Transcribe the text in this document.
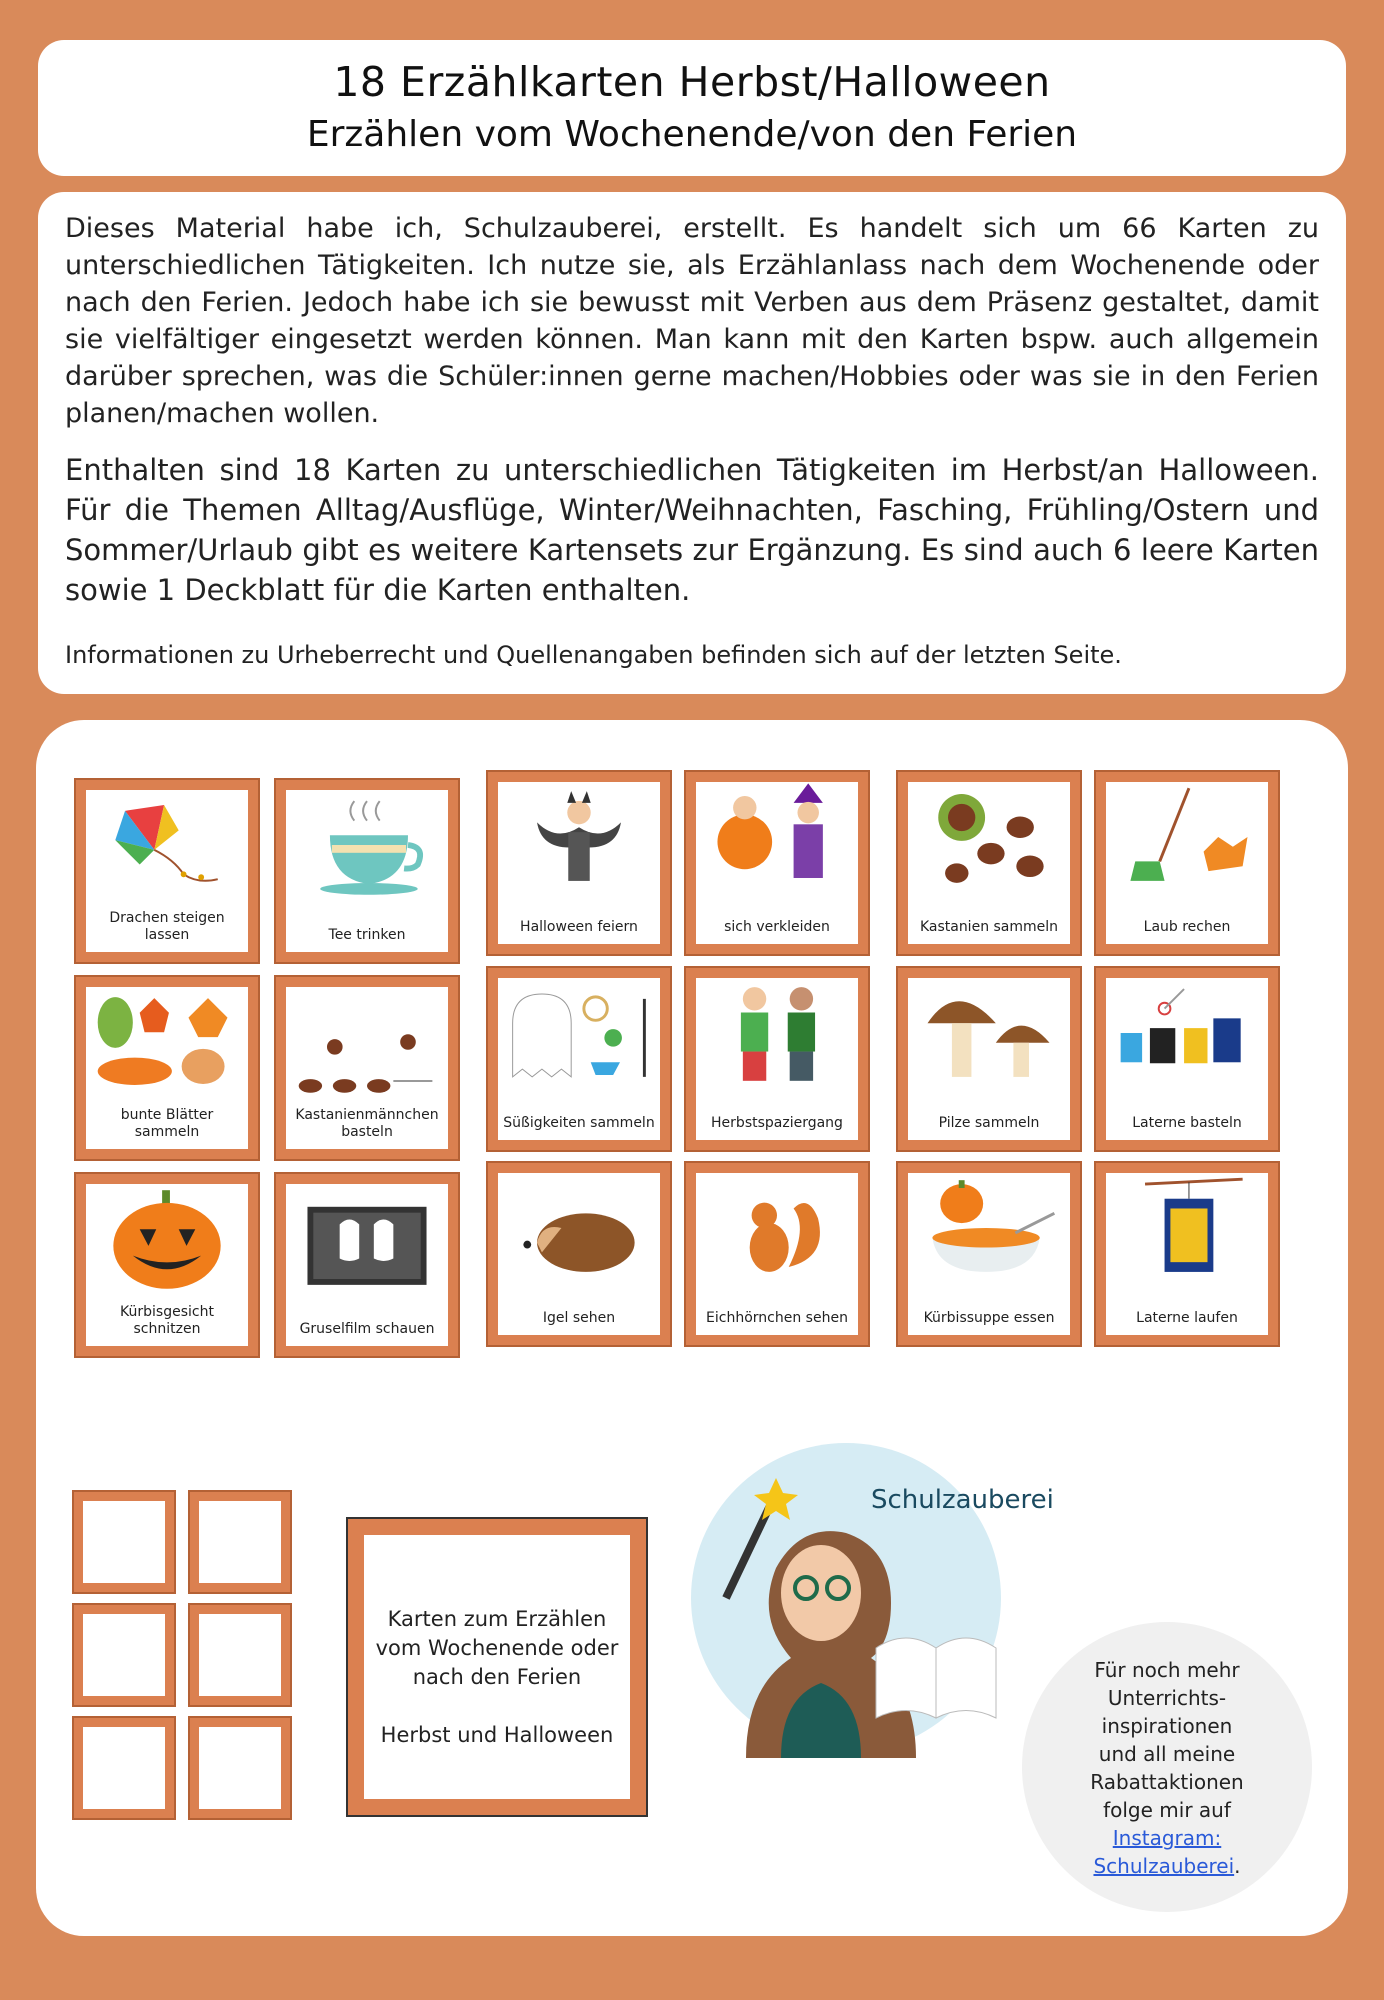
18 Erzählkarten Herbst/Halloween
Erzählen vom Wochenende/von den Ferien

Dieses Material habe ich, Schulzauberei, erstellt. Es handelt sich um 66 Karten zu unterschiedlichen Tätigkeiten. Ich nutze sie, als Erzählanlass nach dem Wochenende oder nach den Ferien. Jedoch habe ich sie bewusst mit Verben aus dem Präsenz gestaltet, damit sie vielfältiger eingesetzt werden können. Man kann mit den Karten bspw. auch allgemein darüber sprechen, was die Schüler:innen gerne machen/Hobbies oder was sie in den Ferien planen/machen wollen.

Enthalten sind 18 Karten zu unterschiedlichen Tätigkeiten im Herbst/an Halloween. Für die Themen Alltag/Ausflüge, Winter/Weihnachten, Fasching, Frühling/Ostern und Sommer/Urlaub gibt es weitere Kartensets zur Ergänzung. Es sind auch 6 leere Karten sowie 1 Deckblatt für die Karten enthalten.

Informationen zu Urheberrecht und Quellenangaben befinden sich auf der letzten Seite.

Drachen steigen lassen	Tee trinken
bunte Blätter sammeln
Kastanienmännchen basteln
Kürbisgesicht schnitzen	Gruselfilm schauen
Halloween feiern	sich verkleiden	Kastanien sammeln	Laub rechen
Süßigkeiten sammeln	Herbstspaziergang	Pilze sammeln	Laterne basteln
Igel sehen	Eichhörnchen sehen	Kürbissuppe essen	Laterne laufen
Karten zum Erzählen
vom Wochenende oder
nach den Ferien
Herbst und Halloween
Schulzauberei
Für noch mehr
Unterrichts-
inspirationen
und all meine
Rabattaktionen
folge mir auf
Instagram:
Schulzauberei.
